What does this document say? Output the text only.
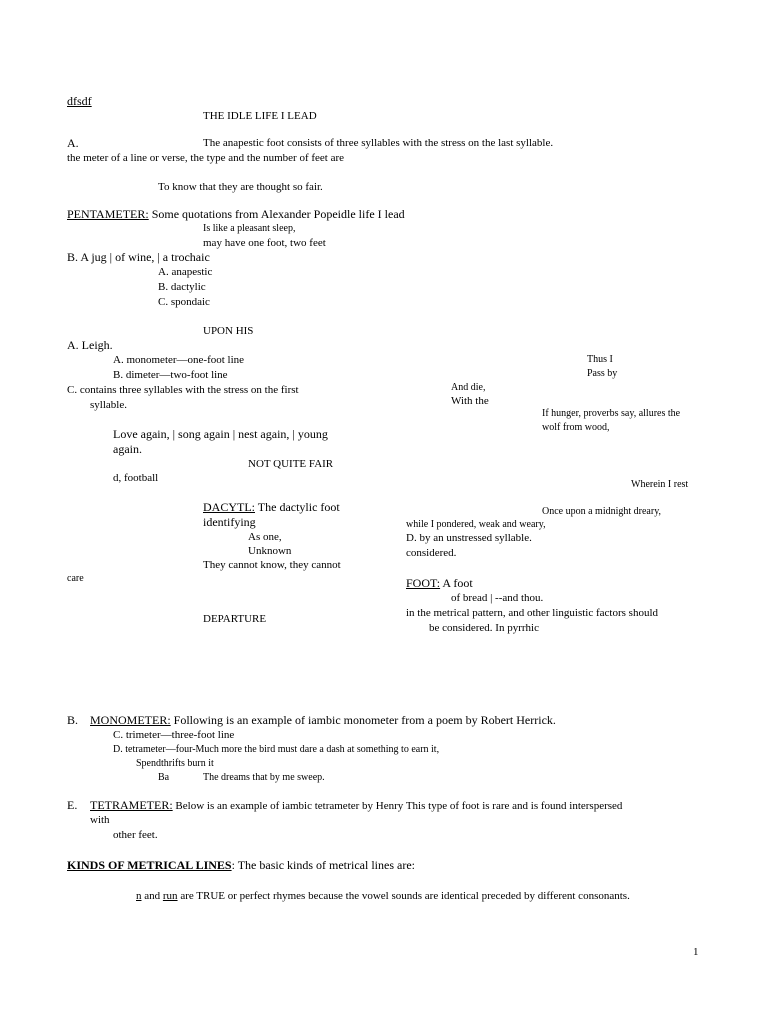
dfsdf
THE IDLE LIFE I LEAD
A.	The anapestic foot consists of three syllables with the stress on the last syllable.
the meter of a line or verse, the type and the number of feet are
To know that they are thought so fair.
PENTAMETER: Some quotations from Alexander Popeidle life I lead
Is like a pleasant sleep,
may have one foot, two feet
B. A jug | of wine, | a trochaic
A. anapestic
B. dactylic
C. spondaic
UPON HIS
A. Leigh.
A. monometer—one-foot line
B. dimeter—two-foot line
C. contains three syllables with the stress on the first
syllable.
Love again, | song again | nest again, | young
again.
NOT QUITE FAIR
d, football
DACYTL: The dactylic foot
identifying
As one,
Unknown
They cannot know, they cannot
care
DEPARTURE
Thus I
Pass by
And die,
With the
If hunger, proverbs say, allures the
wolf from wood,
Wherein I rest
Once upon a midnight dreary,
while I pondered, weak and weary,
D. by an unstressed syllable.
considered.
FOOT: A foot
of bread | --and thou.
in the metrical pattern, and other linguistic factors should
be considered. In pyrrhic
B. MONOMETER: Following is an example of iambic monometer from a poem by Robert Herrick.
C. trimeter—three-foot line
D. tetrameter—four-Much more the bird must dare a dash at something to earn it,
Spendthrifts burn it
Ba	The dreams that by me sweep.
E. TETRAMETER: Below is an example of iambic tetrameter by Henry This type of foot is rare and is found interspersed
with
other feet.
KINDS OF METRICAL LINES: The basic kinds of metrical lines are:
n and run are TRUE or perfect rhymes because the vowel sounds are identical preceded by different consonants.
1
